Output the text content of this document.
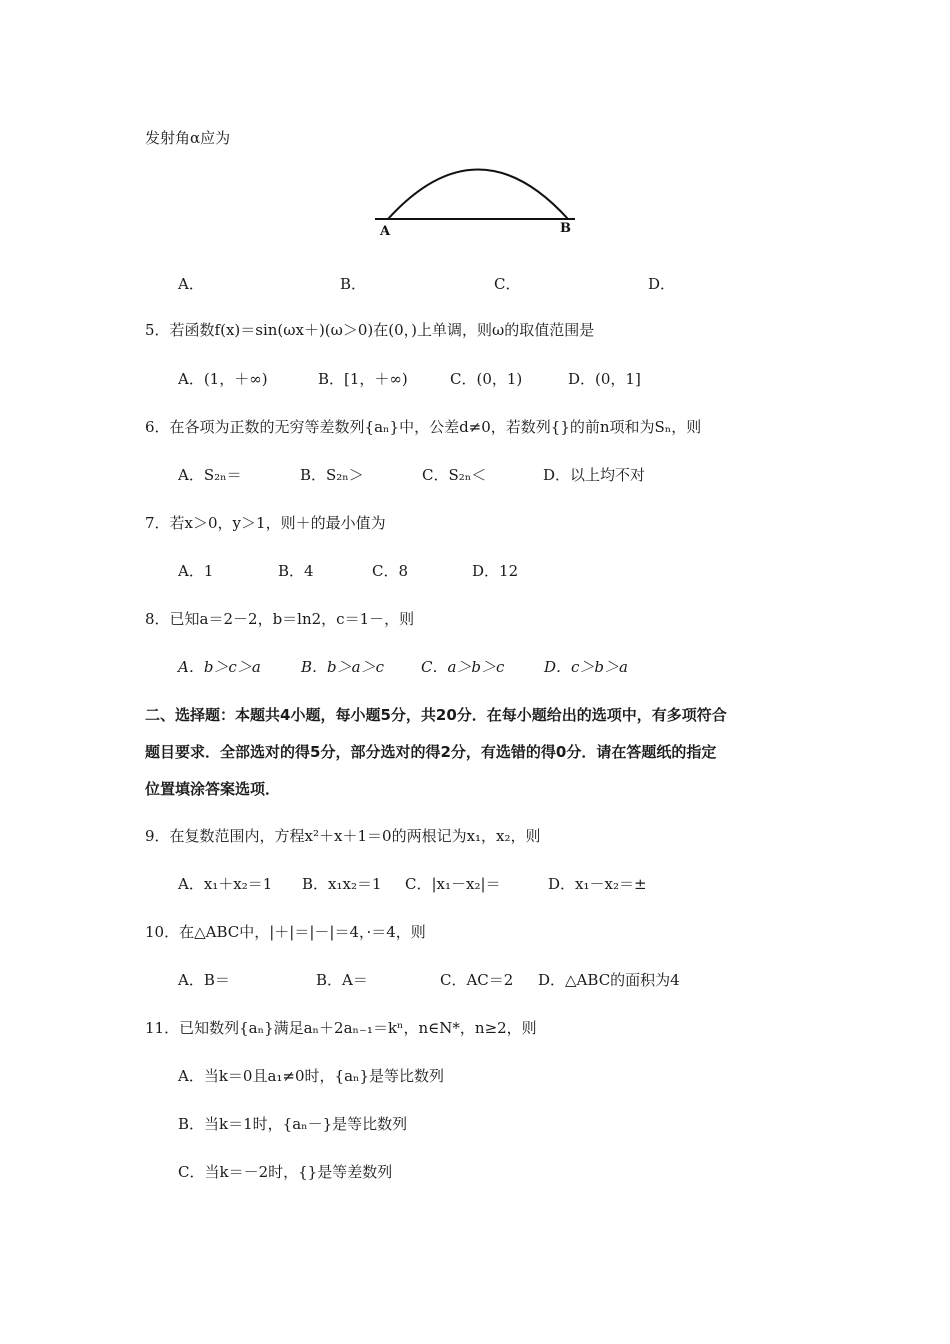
发射角α应为
A	B
A．	B．	C．	D．
5．若函数f(x)＝sin(ωx＋)(ω＞0)在(0，)上单调，则ω的取值范围是
A．(1，＋∞)	B．[1，＋∞)	C．(0，1)	D．(0，1]
6．在各项为正数的无穷等差数列{aₙ}中，公差d≠0，若数列{}的前n项和为Sₙ，则
A．S₂ₙ＝	B．S₂ₙ＞	C．S₂ₙ＜	D．以上均不对
7．若x＞0，y＞1，则＋的最小值为
A．1	B．4	C．8	D．12
8．已知a＝2－2，b＝ln2，c＝1－，则
A．b＞c＞a	B．b＞a＞c C．a＞b＞c	D．c＞b＞a
二、选择题：本题共4小题，每小题5分，共20分．在每小题给出的选项中，有多项符合
题目要求．全部选对的得5分，部分选对的得2分，有选错的得0分．请在答题纸的指定
位置填涂答案选项．
9．在复数范围内，方程x²＋x＋1＝0的两根记为x₁，x₂，则
A．x₁＋x₂＝1 B．x₁x₂＝1 C．|x₁－x₂|＝	D．x₁－x₂＝±
10．在△ABC中，|＋|＝|－|＝4，·＝4，则
A．B＝	B．A＝	C．AC＝2 D．△ABC的面积为4
11．已知数列{aₙ}满足aₙ＋2aₙ₋₁＝kⁿ，n∈N*，n≥2，则
A．当k＝0且a₁≠0时，{aₙ}是等比数列
B．当k＝1时，{aₙ－}是等比数列
C．当k＝－2时，{}是等差数列
